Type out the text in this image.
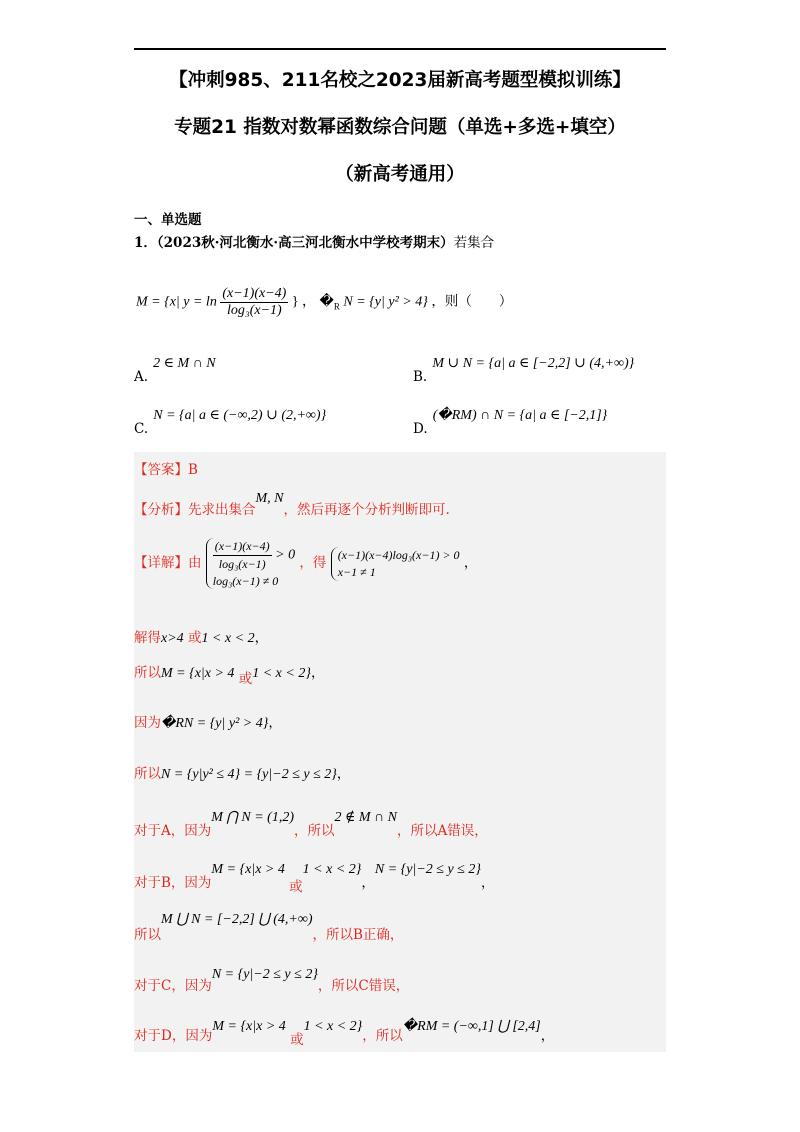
【冲刺985、211名校之2023届新高考题型模拟训练】
专题21 指数对数幂函数综合问题（单选+多选+填空）
（新高考通用）
一、单选题
1．（2023秋·河北衡水·高三河北衡水中学校考期末）若集合
M = {x| $y = \ln \frac{(x-1)(x-4)}{\text{log₃(x−1)}}$ } ， $�_R$ N = {y| y² > 4} ，则（　　）
$_{A.}$ 2 ∈ M ∩ N
$_{B.}$ M ∪ N = {a| a ∈ [−2,2] ∪ (4,+∞)}
$_{C.}$ N = {a| a ∈ (−∞,2) ∪ (2,+∞)}
$_{D.}$ (�RM) ∩ N = {a| a ∈ [−2,1]}
【答案】B
【分析】先求出集合M, N，然后再逐个分析判断即可.
【详解】由 $\frac{(x-1)(x-4)}{\text{log₃(x−1)}} > 0$
log₃(x−1) ≠ 0
，得
(x−1)(x−4)log₃(x−1) > 0
x−1 ≠ 1
，
解得x>4 或1 < x < 2，
所以M = {x|x > 4 或1 < x < 2}，
因为�RN = {y| y² > 4}，
所以N = {y|y² ≤ 4} = {y|−2 ≤ y ≤ 2}，
对于A，因为M ⋂ N = (1,2)，所以2 ∉ M ∩ N，所以A错误，
对于B，因为M = {x|x > 4 或1 < x < 2}，N = {y|−2 ≤ y ≤ 2}，
所以M ⋃ N = [−2,2] ⋃ (4,+∞)，所以B正确，
对于C，因为N = {y|−2 ≤ y ≤ 2}，所以C错误，
对于D，因为M = {x|x > 4 或1 < x < 2}，所以�RM = (−∞,1] ⋃ [2,4]，
